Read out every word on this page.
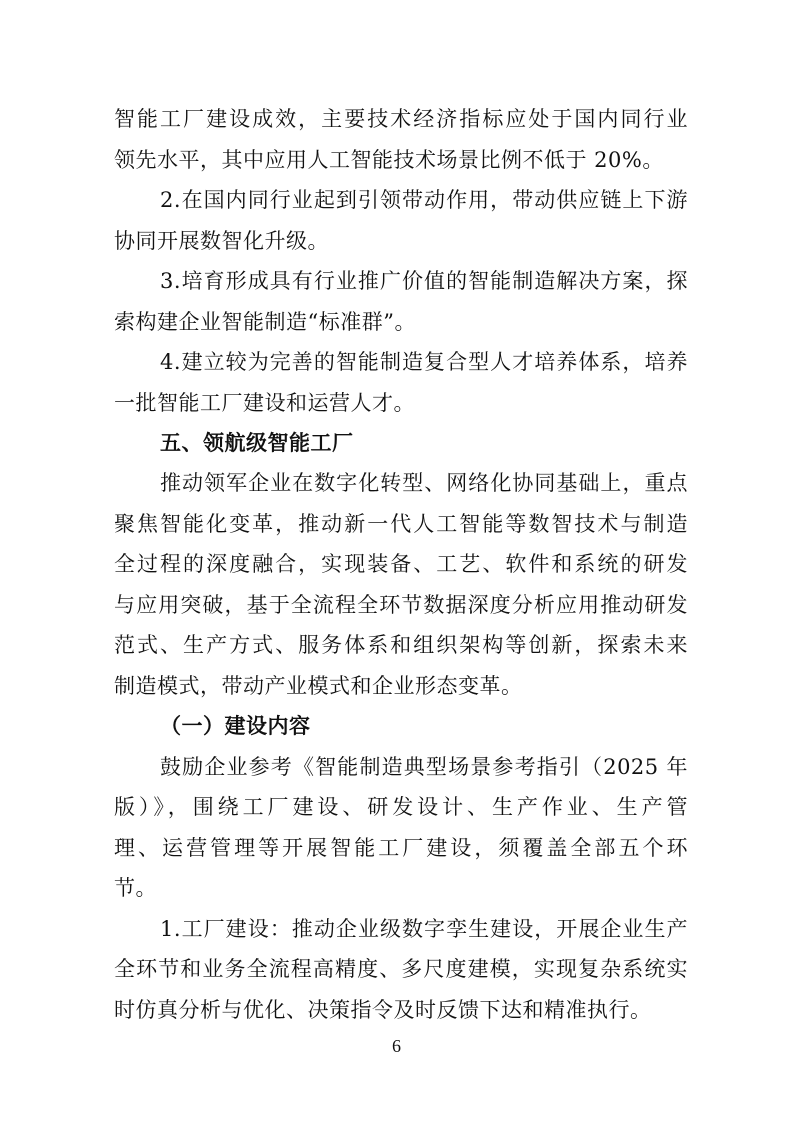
智能工厂建设成效，主要技术经济指标应处于国内同行业
领先水平，其中应用人工智能技术场景比例不低于 20%。
2.在国内同行业起到引领带动作用，带动供应链上下游
协同开展数智化升级。
3.培育形成具有行业推广价值的智能制造解决方案，探
索构建企业智能制造“标准群”。
4.建立较为完善的智能制造复合型人才培养体系，培养
一批智能工厂建设和运营人才。
五、领航级智能工厂
推动领军企业在数字化转型、网络化协同基础上，重点
聚焦智能化变革，推动新一代人工智能等数智技术与制造
全过程的深度融合，实现装备、工艺、软件和系统的研发
与应用突破，基于全流程全环节数据深度分析应用推动研发
范式、生产方式、服务体系和组织架构等创新，探索未来
制造模式，带动产业模式和企业形态变革。
（一）建设内容
鼓励企业参考《智能制造典型场景参考指引（2025 年
版）》，围绕工厂建设、研发设计、生产作业、生产管
理、运营管理等开展智能工厂建设，须覆盖全部五个环
节。
1.工厂建设：推动企业级数字孪生建设，开展企业生产
全环节和业务全流程高精度、多尺度建模，实现复杂系统实
时仿真分析与优化、决策指令及时反馈下达和精准执行。
6
